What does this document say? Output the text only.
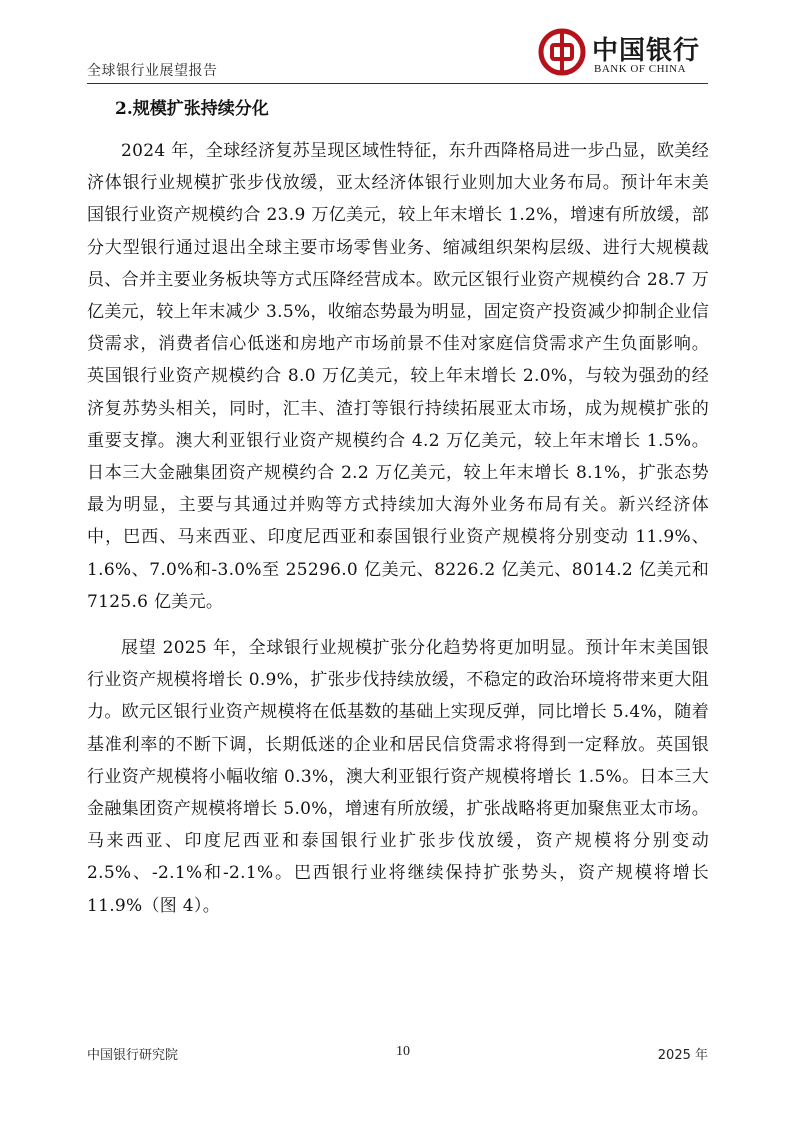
全球银行业展望报告
中国银行
BANK OF CHINA
2.规模扩张持续分化

2024 年，全球经济复苏呈现区域性特征，东升西降格局进一步凸显，欧美经济体银行业规模扩张步伐放缓，亚太经济体银行业则加大业务布局。预计年末美国银行业资产规模约合 23.9 万亿美元，较上年末增长 1.2%，增速有所放缓，部分大型银行通过退出全球主要市场零售业务、缩减组织架构层级、进行大规模裁员、合并主要业务板块等方式压降经营成本。欧元区银行业资产规模约合 28.7 万亿美元，较上年末减少 3.5%，收缩态势最为明显，固定资产投资减少抑制企业信贷需求，消费者信心低迷和房地产市场前景不佳对家庭信贷需求产生负面影响。英国银行业资产规模约合 8.0 万亿美元，较上年末增长 2.0%，与较为强劲的经济复苏势头相关，同时，汇丰、渣打等银行持续拓展亚太市场，成为规模扩张的重要支撑。澳大利亚银行业资产规模约合 4.2 万亿美元，较上年末增长 1.5%。日本三大金融集团资产规模约合 2.2 万亿美元，较上年末增长 8.1%，扩张态势最为明显，主要与其通过并购等方式持续加大海外业务布局有关。新兴经济体中，巴西、马来西亚、印度尼西亚和泰国银行业资产规模将分别变动 11.9%、1.6%、7.0%和-3.0%至 25296.0 亿美元、8226.2 亿美元、8014.2 亿美元和 7125.6 亿美元。

展望 2025 年，全球银行业规模扩张分化趋势将更加明显。预计年末美国银行业资产规模将增长 0.9%，扩张步伐持续放缓，不稳定的政治环境将带来更大阻力。欧元区银行业资产规模将在低基数的基础上实现反弹，同比增长 5.4%，随着基准利率的不断下调，长期低迷的企业和居民信贷需求将得到一定释放。英国银行业资产规模将小幅收缩 0.3%，澳大利亚银行资产规模将增长 1.5%。日本三大金融集团资产规模将增长 5.0%，增速有所放缓，扩张战略将更加聚焦亚太市场。马来西亚、印度尼西亚和泰国银行业扩张步伐放缓，资产规模将分别变动 2.5%、-2.1%和-2.1%。巴西银行业将继续保持扩张势头，资产规模将增长 11.9%（图 4）。

中国银行研究院	10	2025 年
